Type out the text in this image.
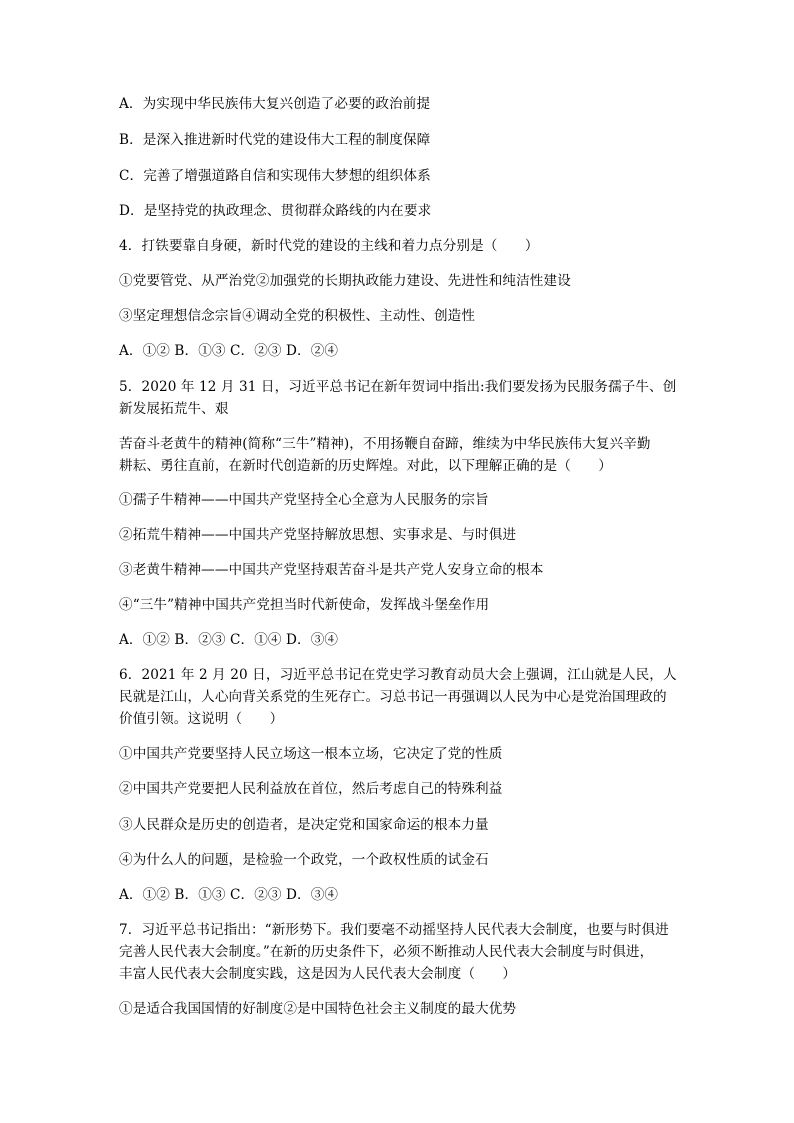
A．为实现中华民族伟大复兴创造了必要的政治前提
B．是深入推进新时代党的建设伟大工程的制度保障
C．完善了增强道路自信和实现伟大梦想的组织体系
D．是坚持党的执政理念、贯彻群众路线的内在要求
4．打铁要靠自身硬，新时代党的建设的主线和着力点分别是（　　）
①党要管党、从严治党②加强党的长期执政能力建设、先进性和纯洁性建设
③坚定理想信念宗旨④调动全党的积极性、主动性、创造性
A．①② B．①③ C．②③ D．②④
5．2020 年 12 月 31 日，习近平总书记在新年贺词中指出:我们要发扬为民服务孺子牛、创
新发展拓荒牛、艰
苦奋斗老黄牛的精神(简称“三牛”精神)，不用扬鞭自奋蹄，维续为中华民族伟大复兴辛勤
耕耘、勇往直前，在新时代创造新的历史辉煌。对此，以下理解正确的是（　　）
①孺子牛精神——中国共产党坚持全心全意为人民服务的宗旨
②拓荒牛精神——中国共产党坚持解放思想、实事求是、与时俱进
③老黄牛精神——中国共产党坚持艰苦奋斗是共产党人安身立命的根本
④“三牛”精神中国共产党担当时代新使命，发挥战斗堡垒作用
A．①② B．②③ C．①④ D．③④
6．2021 年 2 月 20 日，习近平总书记在党史学习教育动员大会上强调，江山就是人民，人
民就是江山，人心向背关系党的生死存亡。习总书记一再强调以人民为中心是党治国理政的
价值引领。这说明（　　）
①中国共产党要坚持人民立场这一根本立场，它决定了党的性质
②中国共产党要把人民利益放在首位，然后考虑自己的特殊利益
③人民群众是历史的创造者，是决定党和国家命运的根本力量
④为什么人的问题，是检验一个政党，一个政权性质的试金石
A．①② B．①③ C．②③ D．③④
7．习近平总书记指出：“新形势下。我们要毫不动摇坚持人民代表大会制度，也要与时俱进
完善人民代表大会制度。”在新的历史条件下，必须不断推动人民代表大会制度与时俱进，
丰富人民代表大会制度实践，这是因为人民代表大会制度（　　）
①是适合我国国情的好制度②是中国特色社会主义制度的最大优势
